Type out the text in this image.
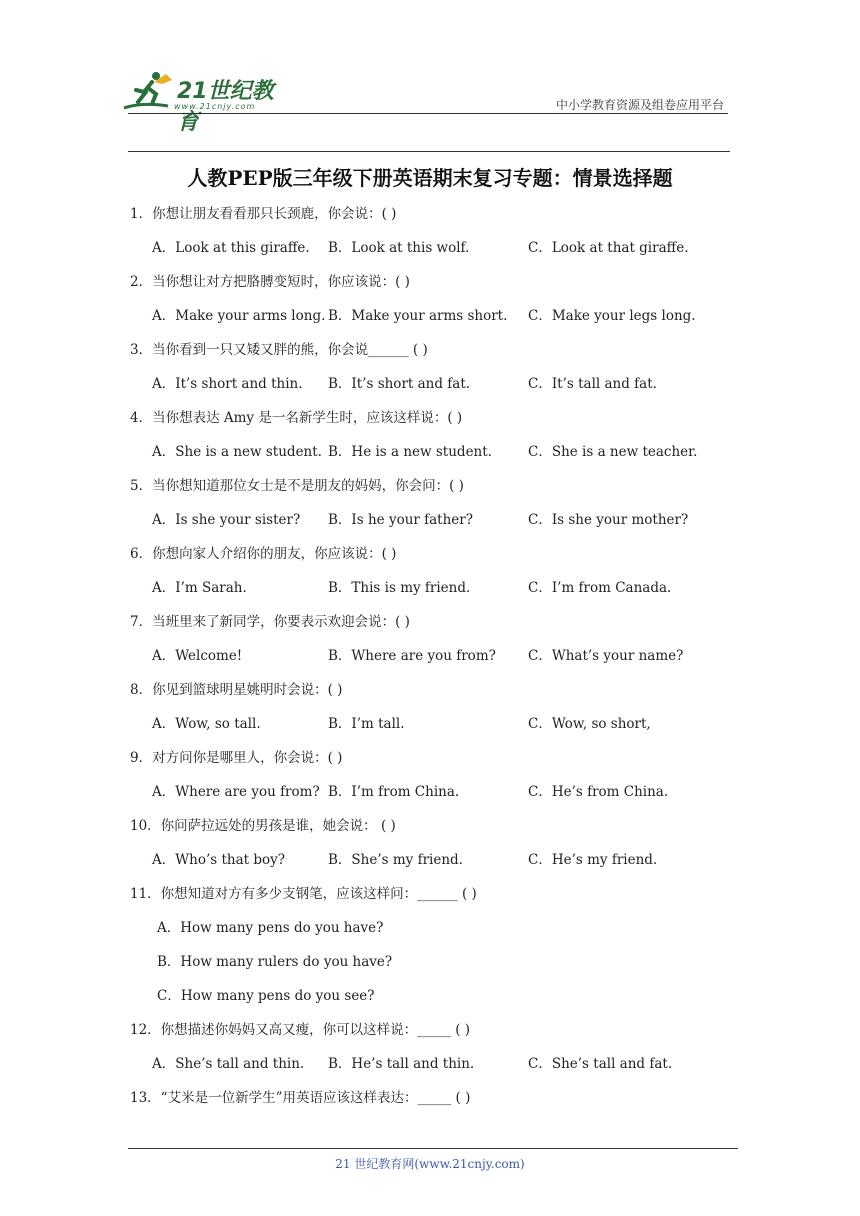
21世纪教育
www.21cnjy.com	中小学教育资源及组卷应用平台
人教PEP版三年级下册英语期末复习专题：情景选择题
1．你想让朋友看看那只长颈鹿，你会说：( )
A．Look at this giraffe. B．Look at this wolf.	C．Look at that giraffe.
2．当你想让对方把胳膊变短时，你应该说：( )
A．Make your arms long. B．Make your arms short. C．Make your legs long.
3．当你看到一只又矮又胖的熊，你会说______ ( )
A．It’s short and thin. B．It’s short and fat.	C．It’s tall and fat.
4．当你想表达 Amy 是一名新学生时，应该这样说：( )
A．She is a new student. B．He is a new student.	C．She is a new teacher.
5．当你想知道那位女士是不是朋友的妈妈，你会问：( )
A．Is she your sister? B．Is he your father?	C．Is she your mother?
6．你想向家人介绍你的朋友，你应该说：( )
A．I’m Sarah.	B．This is my friend.	C．I’m from Canada.
7．当班里来了新同学，你要表示欢迎会说：( )
A．Welcome!	B．Where are you from? C．What’s your name?
8．你见到篮球明星姚明时会说：( )
A．Wow, so tall.	B．I’m tall.	C．Wow, so short,
9．对方问你是哪里人，你会说：( )
A．Where are you from? B．I’m from China.	C．He’s from China.
10．你问萨拉远处的男孩是谁，她会说： ( )
A．Who’s that boy?	B．She’s my friend.	C．He’s my friend.
11．你想知道对方有多少支钢笔，应该这样问：______ ( )
A．How many pens do you have?
B．How many rulers do you have?
C．How many pens do you see?
12．你想描述你妈妈又高又瘦，你可以这样说：_____ ( )
A．She’s tall and thin. B．He’s tall and thin.	C．She’s tall and fat.
13．“艾米是一位新学生”用英语应该这样表达：_____ ( )
21 世纪教育网(www.21cnjy.com)
